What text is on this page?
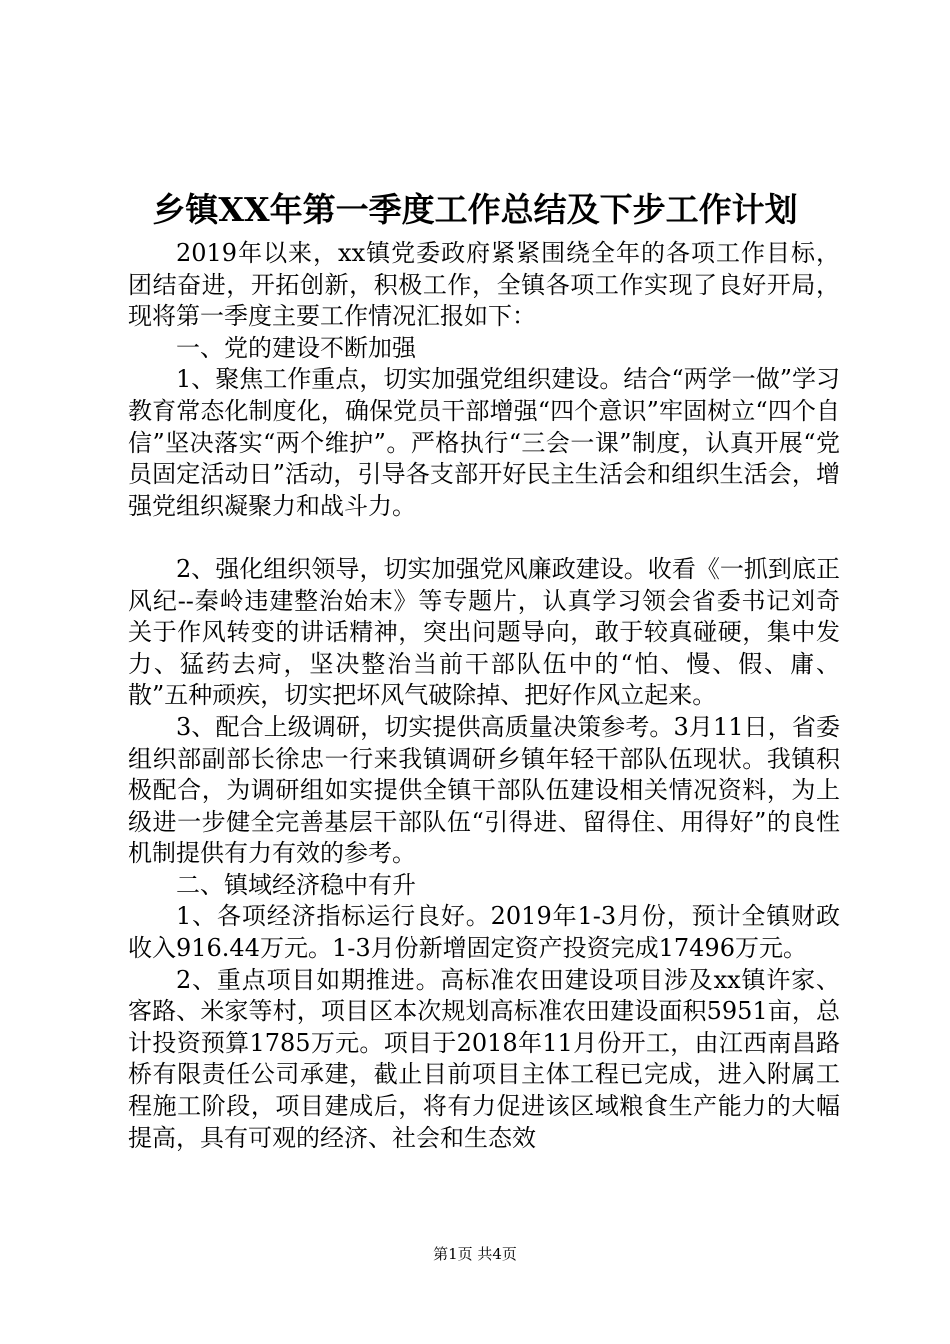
乡镇XX年第一季度工作总结及下步工作计划

2019年以来，xx镇党委政府紧紧围绕全年的各项工作目标，团结奋进，开拓创新，积极工作，全镇各项工作实现了良好开局，现将第一季度主要工作情况汇报如下：

一、党的建设不断加强

1、聚焦工作重点，切实加强党组织建设。结合“两学一做”学习教育常态化制度化，确保党员干部增强“四个意识”牢固树立“四个自信”坚决落实“两个维护”。严格执行“三会一课”制度，认真开展“党员固定活动日”活动，引导各支部开好民主生活会和组织生活会，增强党组织凝聚力和战斗力。

2、强化组织领导，切实加强党风廉政建设。收看《一抓到底正风纪--秦岭违建整治始末》等专题片，认真学习领会省委书记刘奇关于作风转变的讲话精神，突出问题导向，敢于较真碰硬，集中发力、猛药去疴，坚决整治当前干部队伍中的“怕、慢、假、庸、散”五种顽疾，切实把坏风气破除掉、把好作风立起来。

3、配合上级调研，切实提供高质量决策参考。3月11日，省委组织部副部长徐忠一行来我镇调研乡镇年轻干部队伍现状。我镇积极配合，为调研组如实提供全镇干部队伍建设相关情况资料，为上级进一步健全完善基层干部队伍“引得进、留得住、用得好”的良性机制提供有力有效的参考。

二、镇域经济稳中有升

1、各项经济指标运行良好。2019年1-3月份，预计全镇财政收入916.44万元。1-3月份新增固定资产投资完成17496万元。

2、重点项目如期推进。高标准农田建设项目涉及xx镇许家、客路、米家等村，项目区本次规划高标准农田建设面积5951亩，总计投资预算1785万元。项目于2018年11月份开工，由江西南昌路桥有限责任公司承建，截止目前项目主体工程已完成，进入附属工程施工阶段，项目建成后，将有力促进该区域粮食生产能力的大幅提高，具有可观的经济、社会和生态效

第1页 共4页
